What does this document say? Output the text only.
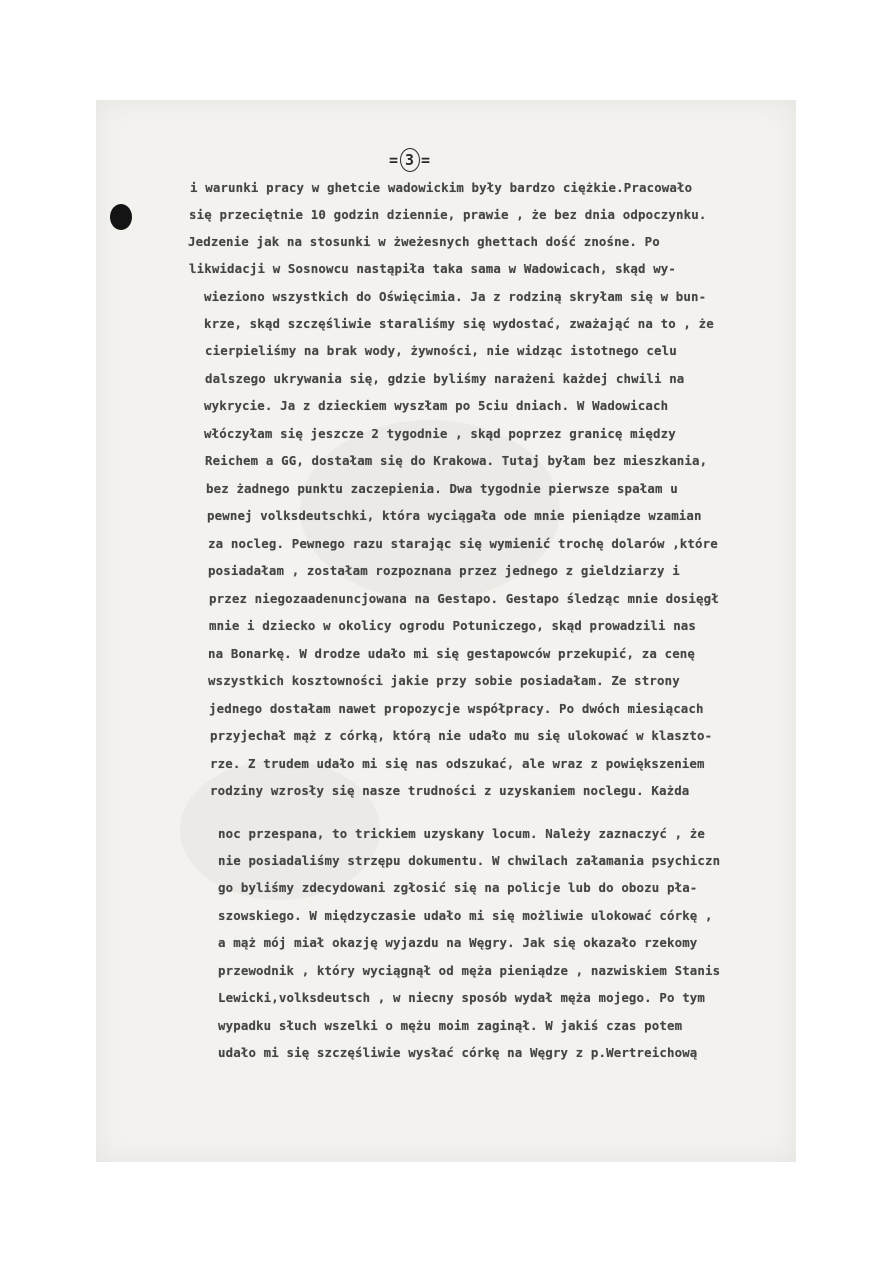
= 3 =
i warunki pracy w ghetcie wadowickim były bardzo ciężkie.Pracowało
się przeciętnie 10 godzin dziennie, prawie , że bez dnia odpoczynku.
Jedzenie jak na stosunki w żweżesnych ghettach dość znośne. Po
likwidacji w Sosnowcu nastąpiła taka sama w Wadowicach, skąd wy-
wieziono wszystkich do Oświęcimia. Ja z rodziną skryłam się w bun-
krze, skąd szczęśliwie staraliśmy się wydostać, zważająć na to , że
cierpieliśmy na brak wody, żywności, nie widząc istotnego celu
dalszego ukrywania się, gdzie byliśmy narażeni każdej chwili na
wykrycie. Ja z dzieckiem wyszłam po 5ciu dniach. W Wadowicach
włóczyłam się jeszcze 2 tygodnie , skąd poprzez granicę między
Reichem a GG, dostałam się do Krakowa. Tutaj byłam bez mieszkania,
bez żadnego punktu zaczepienia. Dwa tygodnie pierwsze spałam u
pewnej volksdeutschki, która wyciągała ode mnie pieniądze wzamian
za nocleg. Pewnego razu starając się wymienić trochę dolarów ,które
posiadałam , zostałam rozpoznana przez jednego z gieldziarzy i
przez niegozaadenuncjowana na Gestapo. Gestapo śledząc mnie dosięgł
mnie i dziecko w okolicy ogrodu Potuniczego, skąd prowadzili nas
na Bonarkę. W drodze udało mi się gestapowców przekupić, za cenę
wszystkich kosztowności jakie przy sobie posiadałam. Ze strony
jednego dostałam nawet propozycje współpracy. Po dwóch miesiącach
przyjechał mąż z córką, którą nie udało mu się ulokować w klaszto-
rze. Z trudem udało mi się nas odszukać, ale wraz z powiększeniem
rodziny wzrosły się nasze trudności z uzyskaniem noclegu. Każda
noc przespana, to trickiem uzyskany locum. Należy zaznaczyć , że
nie posiadaliśmy strzępu dokumentu. W chwilach załamania psychiczn
go byliśmy zdecydowani zgłosić się na policje lub do obozu pła-
szowskiego. W międzyczasie udało mi się możliwie ulokować córkę ,
a mąż mój miał okazję wyjazdu na Węgry. Jak się okazało rzekomy
przewodnik , który wyciągnął od męża pieniądze , nazwiskiem Stanis
Lewicki,volksdeutsch , w niecny sposób wydał męża mojego. Po tym
wypadku słuch wszelki o mężu moim zaginął. W jakiś czas potem
udało mi się szczęśliwie wysłać córkę na Węgry z p.Wertreichową
